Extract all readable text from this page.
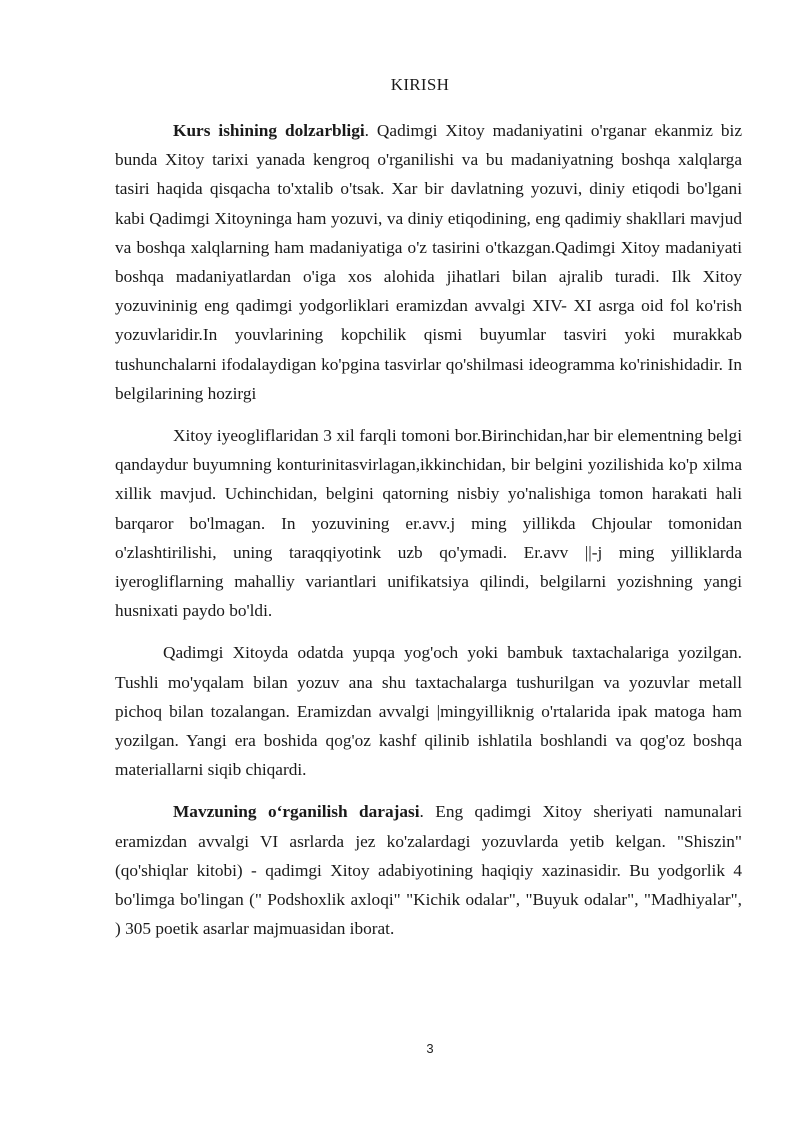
KIRISH

Kurs ishining dolzarbligi. Qadimgi Xitoy madaniyatini o'rganar ekanmiz biz bunda Xitoy tarixi yanada kengroq o'rganilishi va bu madaniyatning boshqa xalqlarga tasiri haqida qisqacha to'xtalib o'tsak. Xar bir davlatning yozuvi, diniy etiqodi bo'lgani kabi Qadimgi Xitoyninga ham yozuvi, va diniy etiqodining, eng qadimiy shakllari mavjud va boshqa xalqlarning ham madaniyatiga o'z tasirini o'tkazgan.Qadimgi Xitoy madaniyati boshqa madaniyatlardan o'iga xos alohida jihatlari bilan ajralib turadi. Ilk Xitoy yozuvininig eng qadimgi yodgorliklari eramizdan avvalgi XIV- XI asrga oid fol ko'rish yozuvlaridir.In youvlarining kopchilik qismi buyumlar tasviri yoki murakkab tushunchalarni ifodalaydigan ko'pgina tasvirlar qo'shilmasi ideogramma ko'rinishidadir. In belgilarining hozirgi

Xitoy iyeogliflaridan 3 xil farqli tomoni bor.Birinchidan,har bir elementning belgi qandaydur buyumning konturinitasvirlagan,ikkinchidan, bir belgini yozilishida ko'p xilma xillik mavjud. Uchinchidan, belgini qatorning nisbiy yo'nalishiga tomon harakati hali barqaror bo'lmagan. In yozuvining er.avv.j ming yillikda Chjoular tomonidan o'zlashtirilishi, uning taraqqiyotink uzb qo'ymadi. Er.avv ||-j ming yilliklarda iyerogliflarning mahalliy variantlari unifikatsiya qilindi, belgilarni yozishning yangi husnixati paydo bo'ldi.

Qadimgi Xitoyda odatda yupqa yog'och yoki bambuk taxtachalariga yozilgan. Tushli mo'yqalam bilan yozuv ana shu taxtachalarga tushurilgan va yozuvlar metall pichoq bilan tozalangan. Eramizdan avvalgi |mingyilliknig o'rtalarida ipak matoga ham yozilgan. Yangi era boshida qog'oz kashf qilinib ishlatila boshlandi va qog'oz boshqa materiallarni siqib chiqardi.

Mavzuning o‘rganilish darajasi. Eng qadimgi Xitoy sheriyati namunalari eramizdan avvalgi VI asrlarda jez ko'zalardagi yozuvlarda yetib kelgan. "Shiszin" (qo'shiqlar kitobi) - qadimgi Xitoy adabiyotining haqiqiy xazinasidir. Bu yodgorlik 4 bo'limga bo'lingan (" Podshoxlik axloqi" "Kichik odalar", "Buyuk odalar", "Madhiyalar", ) 305 poetik asarlar majmuasidan iborat.

3
